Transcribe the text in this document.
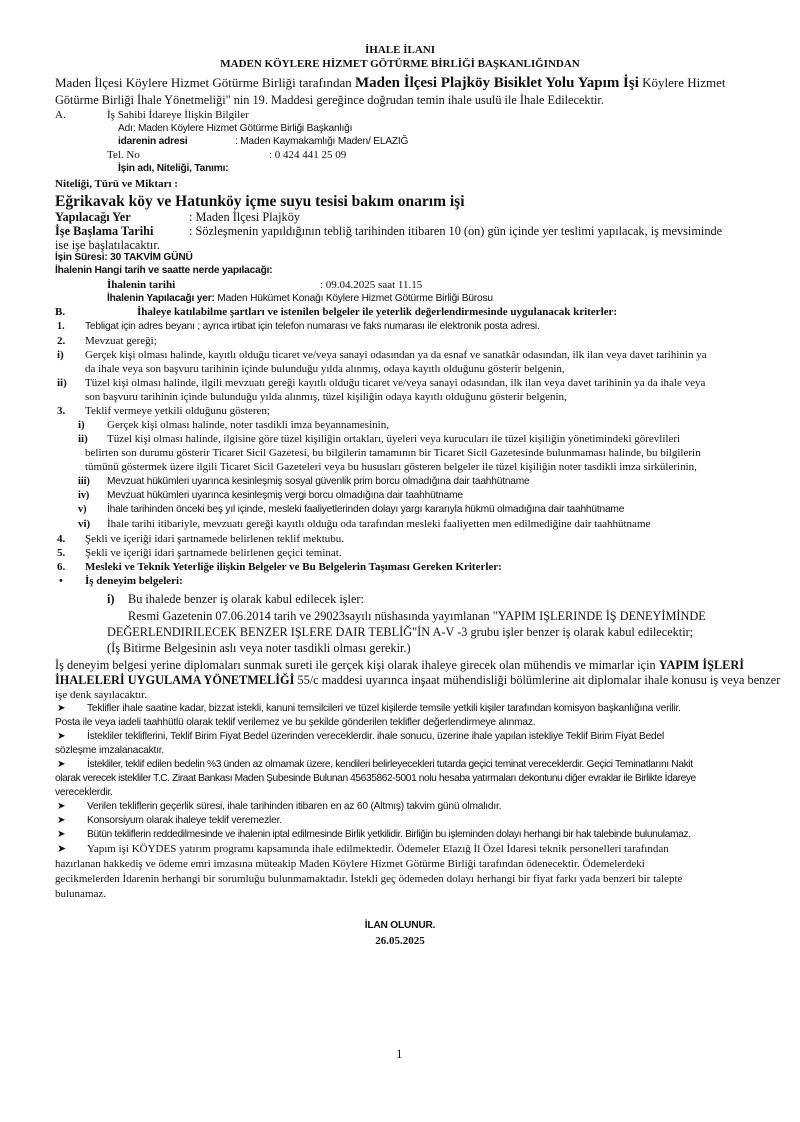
İHALE İLANI
MADEN KÖYLERE HİZMET GÖTÜRME BİRLİĞİ BAŞKANLIĞINDAN
Maden İlçesi Köylere Hizmet Götürme Birliği tarafından Maden İlçesi Plajköy Bisiklet Yolu Yapım İşi Köylere Hizmet
Götürme Birliği İhale Yönetmeliği" nin 19. Maddesi gereğince doğrudan temin ihale usulü ile İhale Edilecektir.
A.	İş Sahibi İdareye İlişkin Bilgiler
Adı: Maden Köylere Hizmet Götürme Birliği Başkanlığı
idarenin adresi	: Maden Kaymakamlığı Maden/ ELAZIĞ
Tel. No	: 0 424 441 25 09
İşin adı, Niteliği, Tanımı:
Niteliği, Türü ve Miktarı :
Eğrikavak köy ve Hatunköy içme suyu tesisi bakım onarım işi
Yapılacağı Yer	: Maden İlçesi Plajköy
İşe Başlama Tarihi	: Sözleşmenin yapıldığının tebliğ tarihinden itibaren 10 (on) gün içinde yer teslimi yapılacak, iş mevsiminde
ise işe başlatılacaktır.
İşin Süresi: 30 TAKVİM GÜNÜ
İhalenin Hangi tarih ve saatte nerde yapılacağı:
İhalenin tarihi	: 09.04.2025 saat 11.15
İhalenin Yapılacağı yer: Maden Hükümet Konağı Köylere Hizmet Götürme Birliği Bürosu
B.	İhaleye katılabilme şartları ve istenilen belgeler ile yeterlik değerlendirmesinde uygulanacak kriterler:
1. Tebligat için adres beyanı ; ayrıca irtibat için telefon numarası ve faks numarası ile elektronik posta adresi.
2. Mevzuat gereği;
i) Gerçek kişi olması halinde, kayıtlı olduğu ticaret ve/veya sanayi odasından ya da esnaf ve sanatkâr odasından, ilk ilan veya davet tarihinin ya
da ihale veya son başvuru tarihinin içinde bulunduğu yılda alınmış, odaya kayıtlı olduğunu gösterir belgenin,
ii) Tüzel kişi olması halinde, ilgili mevzuatı gereği kayıtlı olduğu ticaret ve/veya sanayi odasından, ilk ilan veya davet tarihinin ya da ihale veya
son başvuru tarihinin içinde bulunduğu yılda alınmış, tüzel kişiliğin odaya kayıtlı olduğunu gösterir belgenin,
3. Teklif vermeye yetkili olduğunu gösteren;
i) Gerçek kişi olması halinde, noter tasdikli imza beyannamesinin,
ii) Tüzel kişi olması halinde, ilgisine göre tüzel kişiliğin ortakları, üyeleri veya kurucuları ile tüzel kişiliğin yönetimindeki görevlileri
belirten son durumu gösterir Ticaret Sicil Gazetesi, bu bilgilerin tamamının bir Ticaret Sicil Gazetesinde bulunmaması halinde, bu bilgilerin
tümünü göstermek üzere ilgili Ticaret Sicil Gazeteleri veya bu hususları gösteren belgeler ile tüzel kişiliğin noter tasdikli imza sirkülerinin,
iii) Mevzuat hükümleri uyarınca kesinleşmiş sosyal güvenlik prim borcu olmadığına dair taahhütname
iv) Mevzuat hükümleri uyarınca kesinleşmiş vergi borcu olmadığına dair taahhütname
v) İhale tarihinden önceki beş yıl içinde, mesleki faaliyetlerinden dolayı yargı kararıyla hükmü olmadığına dair taahhütname
vi) İhale tarihi itibariyle, mevzuatı gereği kayıtlı olduğu oda tarafından mesleki faaliyetten men edilmediğine dair taahhütname
4. Şekli ve içeriği idari şartnamede belirlenen teklif mektubu.
5. Şekli ve içeriği idari şartnamede belirlenen geçici teminat.
6. Mesleki ve Teknik Yeterliğe ilişkin Belgeler ve Bu Belgelerin Taşıması Gereken Kriterler:
• İş deneyim belgeleri:
i) Bu ihalede benzer iş olarak kabul edilecek işler:
Resmi Gazetenin 07.06.2014 tarih ve 29023sayılı nüshasında yayımlanan "YAPIM IŞLERINDE İŞ DENEYİMİNDE
DEĞERLENDIRILECEK BENZER IŞLERE DAIR TEBLİĞ"İN A-V -3 grubu işler benzer iş olarak kabul edilecektir;
(İş Bitirme Belgesinin aslı veya noter tasdikli olması gerekir.)
İş deneyim belgesi yerine diplomaları sunmak sureti ile gerçek kişi olarak ihaleye girecek olan mühendis ve mimarlar için YAPIM İŞLERİ
İHALELERİ UYGULAMA YÖNETMELİĞİ 55/c maddesi uyarınca inşaat mühendisliği bölümlerine ait diplomalar ihale konusu iş veya benzer
işe denk sayılacaktır.
➤ Teklifler ihale saatine kadar, bizzat istekli, kanuni temsilcileri ve tüzel kişilerde temsile yetkili kişiler tarafından komisyon başkanlığına verilir.
Posta ile veya iadeli taahhütlü olarak teklif verilemez ve bu şekilde gönderilen teklifler değerlendirmeye alınmaz.
➤ İstekliler tekliflerini, Teklif Birim Fiyat Bedel üzerinden vereceklerdir. ihale sonucu, üzerine ihale yapılan istekliye Teklif Birim Fiyat Bedel
sözleşme imzalanacaktır.
➤ İstekliler, teklif edilen bedelin %3 ünden az olmamak üzere, kendileri belirleyecekleri tutarda geçici teminat vereceklerdir. Geçici Teminatlarını Nakit
olarak verecek istekliler T.C. Ziraat Bankası Maden Şubesinde Bulunan 45635862-5001 nolu hesaba yatırmaları dekontunu diğer evraklar ile Birlikte İdareye
vereceklerdir.
➤ Verilen tekliflerin geçerlik süresi, ihale tarihinden itibaren en az 60 (Altmış) takvim günü olmalıdır.
➤ Konsorsiyum olarak ihaleye teklif veremezler.
➤ Bütün tekliflerin reddedilmesinde ve ihalenin iptal edilmesinde Birlik yetkilidir. Birliğin bu işleminden dolayı herhangi bir hak talebinde bulunulamaz.
➤ Yapım işi KÖYDES yatırım programı kapsamında ihale edilmektedir. Ödemeler Elazığ İl Özel İdaresi teknik personelleri tarafından
hazırlanan hakkediş ve ödeme emri imzasına müteakip Maden Köylere Hizmet Götürme Birliği tarafından ödenecektir. Ödemelerdeki
gecikmelerden İdarenin herhangi bir sorumluğu bulunmamaktadır. İstekli geç ödemeden dolayı herhangi bir fiyat farkı yada benzeri bir talepte
bulunamaz.
İLAN OLUNUR.
26.05.2025
1
